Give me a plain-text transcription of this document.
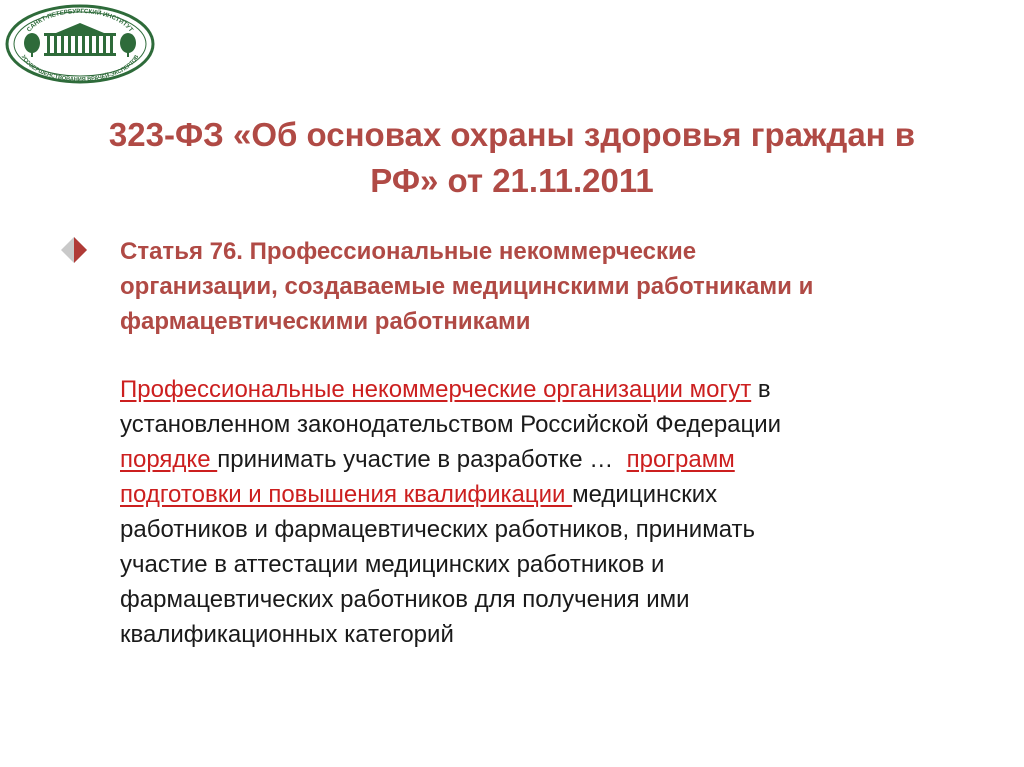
САНКТ-ПЕТЕРБУРГСКИЙ ИНСТИТУТ
УСОВЕРШЕНСТВОВАНИЯ ВРАЧЕЙ-ЭКСПЕРТОВ
323-ФЗ «Об основах охраны здоровья граждан в
РФ» от 21.11.2011
Статья 76. Профессиональные некоммерческие
организации, создаваемые медицинскими работниками и
фармацевтическими работниками
Профессиональные некоммерческие организации могут в
установленном законодательством Российской Федерации
порядке принимать участие в разработке …  программ
подготовки и повышения квалификации медицинских
работников и фармацевтических работников, принимать
участие в аттестации медицинских работников и
фармацевтических работников для получения ими
квалификационных категорий
